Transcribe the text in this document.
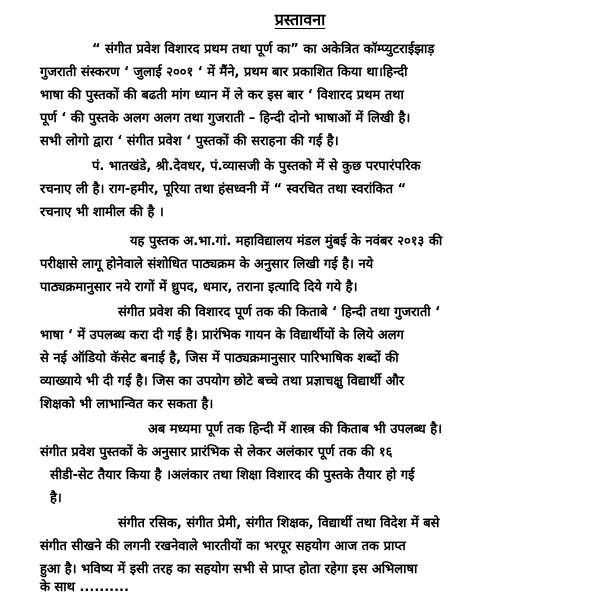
प्रस्तावना
“ संगीत प्रवेश विशारद प्रथम तथा पूर्ण का” का अकेत्रित कॉम्प्युटराईझाड़
गुजराती संस्करण ‘ जुलाई २००१ ‘ में मैंने, प्रथम बार प्रकाशित किया था।हिन्दी
भाषा की पुस्तकों की बढती मांग ध्यान में ले कर इस बार ‘ विशारद प्रथम तथा
पूर्ण ‘ की पुस्तके अलग अलग तथा गुजराती – हिन्दी दोनो भाषाओं में लिखी है।
सभी लोगो द्वारा ‘ संगीत प्रवेश ‘ पुस्तकों की सराहना की गई है।
पं. भातखंडे, श्री.देवधर, पं.व्यासजी के पुस्तको में से कुछ परपारंपरिक
रचनाए ली है। राग-हमीर, पूरिया तथा हंसध्वनी में “ स्वरचित तथा स्वरांकित “
रचनाए भी शामील की है ।
यह पुस्तक अ.भा.गां. महाविद्यालय मंडल मुंबई के नवंबर २०१३ की
परीक्षासे लागू होनेवाले संशोधित पाठ्यक्रम के अनुसार लिखी गई है। नये
पाठ्यक्रमानुसार नये रागों में ध्रुपद, धमार, तराना इत्यादि दिये गये है।
संगीत प्रवेश की विशारद पूर्ण तक की किताबे ‘ हिन्दी तथा गुजराती ‘
भाषा ‘ में उपलब्ध करा दी गई है। प्रारंभिक गायन के विद्यार्थीयों के लिये अलग
से नई ऑडियो कॅसेट बनाई है, जिस में पाठ्यक्रमानुसार पारिभाषिक शब्दों की
व्याख्याये भी दी गई है। जिस का उपयोग छोटे बच्चे तथा प्रज्ञाचक्षु विद्यार्थी और
शिक्षको भी लाभान्वित कर सकता है।
अब मध्यमा पूर्ण तक हिन्दी में शास्त्र की किताब भी उपलब्ध है।
संगीत प्रवेश पुस्तकों के अनुसार प्रारंभिक से लेकर अलंकार पूर्ण तक की १६
सीडी-सेट तैयार किया है ।अलंकार तथा शिक्षा विशारद की पुस्तके तैयार हो गई
है।
संगीत रसिक, संगीत प्रेमी, संगीत शिक्षक, विद्यार्थी तथा विदेश में बसे
संगीत सीखने की लगनी रखनेवाले भारतीयों का भरपूर सहयोग आज तक प्राप्त
हुआ है। भविष्य में इसी तरह का सहयोग सभी से प्राप्त होता रहेगा इस अभिलाषा
के साथ ..........
